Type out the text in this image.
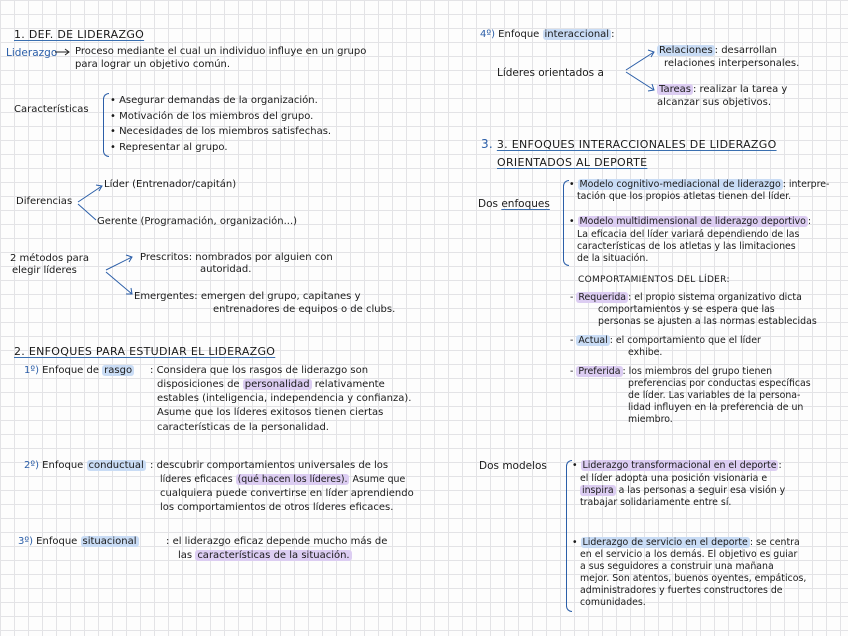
1. DEF. DE LIDERAZGO
Liderazgo Proceso mediante el cual un individuo influye en un grupo
para lograr un objetivo común.
Características
• Asegurar demandas de la organización.
• Motivación de los miembros del grupo.
• Necesidades de los miembros satisfechas.
• Representar al grupo.
Diferencias
Líder (Entrenador/capitán)
Gerente (Programación, organización...)
2 métodos para
elegir líderes
Prescritos: nombrados por alguien con
autoridad.
Emergentes: emergen del grupo, capitanes y
entrenadores de equipos o de clubs.
2. ENFOQUES PARA ESTUDIAR EL LIDERAZGO
1º) Enfoque de rasgo : Considera que los rasgos de liderazgo son
disposiciones de personalidad relativamente
estables (inteligencia, independencia y confianza).
Asume que los líderes exitosos tienen ciertas
características de la personalidad.
2º) Enfoque conductual : descubrir comportamientos universales de los
líderes eficaces (qué hacen los líderes). Asume que
cualquiera puede convertirse en líder aprendiendo
los comportamientos de otros líderes eficaces.
3º) Enfoque situacional	: el liderazgo eficaz depende mucho más de
las características de la situación.
4º) Enfoque interaccional :
Líderes orientados a
Relaciones : desarrollan
relaciones interpersonales.
Tareas : realizar la tarea y
alcanzar sus objetivos.
3. 3. ENFOQUES INTERACCIONALES DE LIDERAZGO
ORIENTADOS AL DEPORTE
Dos enfoques
• Modelo cognitivo-mediacional de liderazgo : interpre-
tación que los propios atletas tienen del líder.
• Modelo multidimensional de liderazgo deportivo :
La eficacia del líder variará dependiendo de las
características de los atletas y las limitaciones
de la situación.
COMPORTAMIENTOS DEL LÍDER:
- Requerida : el propio sistema organizativo dicta
comportamientos y se espera que las
personas se ajusten a las normas establecidas
- Actual : el comportamiento que el líder
exhibe.
- Preferida : los miembros del grupo tienen
preferencias por conductas específicas
de líder. Las variables de la persona-
lidad influyen en la preferencia de un
miembro.
Dos modelos	• Liderazgo transformacional en el deporte :
el líder adopta una posición visionaria e
inspira a las personas a seguir esa visión y
trabajar solidariamente entre sí.
• Liderazgo de servicio en el deporte : se centra
en el servicio a los demás. El objetivo es guiar
a sus seguidores a construir una mañana
mejor. Son atentos, buenos oyentes, empáticos,
administradores y fuertes constructores de
comunidades.
